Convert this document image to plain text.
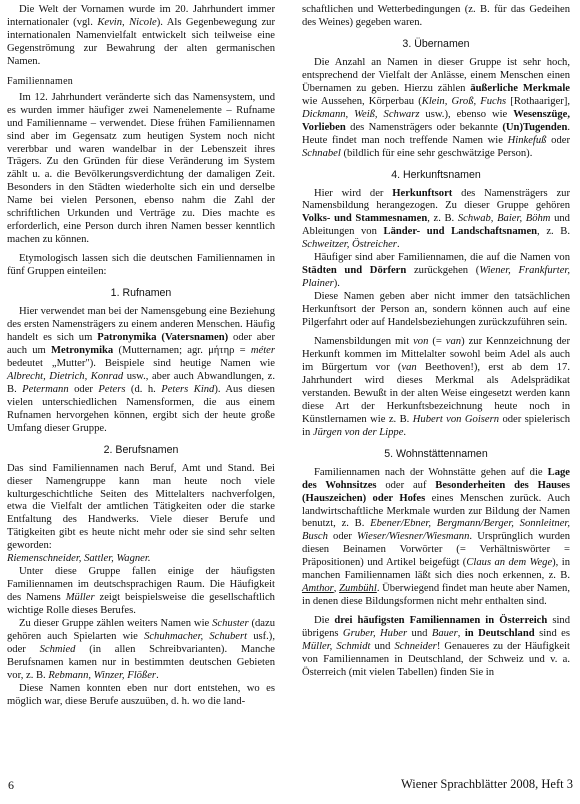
Die Welt der Vornamen wurde im 20. Jahrhundert immer internationaler (vgl. Kevin, Nicole). Als Gegenbewegung zur internationalen Namenvielfalt entwickelt sich teilweise eine Gegenströmung zur Bewahrung der alten germanischen Namen.

Familiennamen

Im 12. Jahrhundert veränderte sich das Namensystem, und es wurden immer häufiger zwei Namenelemente – Rufname und Familienname – verwendet. Diese frühen Familiennamen sind aber im Gegensatz zum heutigen System noch nicht vererbbar und waren wandelbar in der Lebenszeit ihres Trägers. Zu den Gründen für diese Veränderung im System zählt u. a. die Bevölkerungsverdichtung der damaligen Zeit. Besonders in den Städten wiederholte sich ein und derselbe Name bei vielen Personen, ebenso nahm die Zahl der schriftlichen Urkunden und Verträge zu. Dies machte es erforderlich, eine Person durch ihren Namen besser kenntlich machen zu können.

Etymologisch lassen sich die deutschen Familiennamen in fünf Gruppen einteilen:

1. Rufnamen

Hier verwendet man bei der Namensgebung eine Beziehung des ersten Namensträgers zu einem anderen Menschen. Häufig handelt es sich um Patronymika (Vatersnamen) oder aber auch um Metronymika (Mutternamen; agr. μήτηρ = méter bedeutet „Mutter"). Beispiele sind heutige Namen wie Albrecht, Dietrich, Konrad usw., aber auch Abwandlungen, z. B. Petermann oder Peters (d. h. Peters Kind). Aus diesen vielen unterschiedlichen Namensformen, die aus einem Rufnamen hervorgehen können, ergibt sich der heute große Umfang dieser Gruppe.

2. Berufsnamen

Das sind Familiennamen nach Beruf, Amt und Stand. Bei dieser Namengruppe kann man heute noch viele kulturgeschichtliche Seiten des Mittelalters nachverfolgen, etwa die Vielfalt der amtlichen Tätigkeiten oder die starke Entfaltung des Handwerks. Viele dieser Berufe und Tätigkeiten gibt es heute nicht mehr oder sie sind sehr selten geworden:

Riemenschneider, Sattler, Wagner.

Unter diese Gruppe fallen einige der häufigsten Familiennamen im deutschsprachigen Raum. Die Häufigkeit des Namens Müller zeigt beispielsweise die gesellschaftlich wichtige Rolle dieses Berufes.

Zu dieser Gruppe zählen weiters Namen wie Schuster (dazu gehören auch Spielarten wie Schuhmacher, Schubert usf.), oder Schmied (in allen Schreibvarianten). Manche Berufsnamen kamen nur in bestimmten deutschen Gebieten vor, z. B. Rebmann, Winzer, Flößer.

Diese Namen konnten eben nur dort entstehen, wo es möglich war, diese Berufe auszuüben, d. h. wo die land-

schaftlichen und Wetterbedingungen (z. B. für das Gedeihen des Weines) gegeben waren.

3. Übernamen

Die Anzahl an Namen in dieser Gruppe ist sehr hoch, entsprechend der Vielfalt der Anlässe, einem Menschen einen Übernamen zu geben. Hierzu zählen äußerliche Merkmale wie Aussehen, Körperbau (Klein, Groß, Fuchs [Rothaariger], Dickmann, Weiß, Schwarz usw.), ebenso wie Wesenszüge, Vorlieben des Namensträgers oder bekannte (Un)Tugenden. Heute findet man noch treffende Namen wie Hinkefuß oder Schnabel (bildlich für eine sehr geschwätzige Person).

4. Herkunftsnamen

Hier wird der Herkunftsort des Namensträgers zur Namensbildung herangezogen. Zu dieser Gruppe gehören Volks- und Stammesnamen, z. B. Schwab, Baier, Böhm und Ableitungen von Länder- und Landschaftsnamen, z. B. Schweitzer, Östreicher.

Häufiger sind aber Familiennamen, die auf die Namen von Städten und Dörfern zurückgehen (Wiener, Frankfurter, Plainer).

Diese Namen geben aber nicht immer den tatsächlichen Herkunftsort der Person an, sondern können auch auf eine Pilgerfahrt oder auf Handelsbeziehungen zurückzuführen sein.

Namensbildungen mit von (= van) zur Kennzeichnung der Herkunft kommen im Mittelalter sowohl beim Adel als auch im Bürgertum vor (van Beethoven!), erst ab dem 17. Jahrhundert wird dieses Merkmal als Adelsprädikat verstanden. Bewußt in der alten Weise eingesetzt werden kann diese Art der Herkunftsbezeichnung heute noch in Künstlernamen wie z. B. Hubert von Goisern oder spielerisch in Jürgen von der Lippe.

5. Wohnstättennamen

Familiennamen nach der Wohnstätte gehen auf die Lage des Wohnsitzes oder auf Besonderheiten des Hauses (Hauszeichen) oder Hofes eines Menschen zurück. Auch landwirtschaftliche Merkmale wurden zur Bildung der Namen benutzt, z. B. Ebener/Ebner, Bergmann/Berger, Sonnleitner, Busch oder Wieser/Wiesner/Wiesmann. Ursprünglich wurden diesen Beinamen Vorwörter (= Verhältniswörter = Präpositionen) und Artikel beigefügt (Claus an dem Wege), in manchen Familiennamen läßt sich dies noch erkennen, z. B. Amthor, Zumbühl. Überwiegend findet man heute aber Namen, in denen diese Bildungsformen nicht mehr enthalten sind.

Die drei häufigsten Familiennamen in Österreich sind übrigens Gruber, Huber und Bauer, in Deutschland sind es Müller, Schmidt und Schneider! Genaueres zu der Häufigkeit von Familiennamen in Deutschland, der Schweiz und v. a. Österreich (mit vielen Tabellen) finden Sie in

6	Wiener Sprachblätter 2008, Heft 3
